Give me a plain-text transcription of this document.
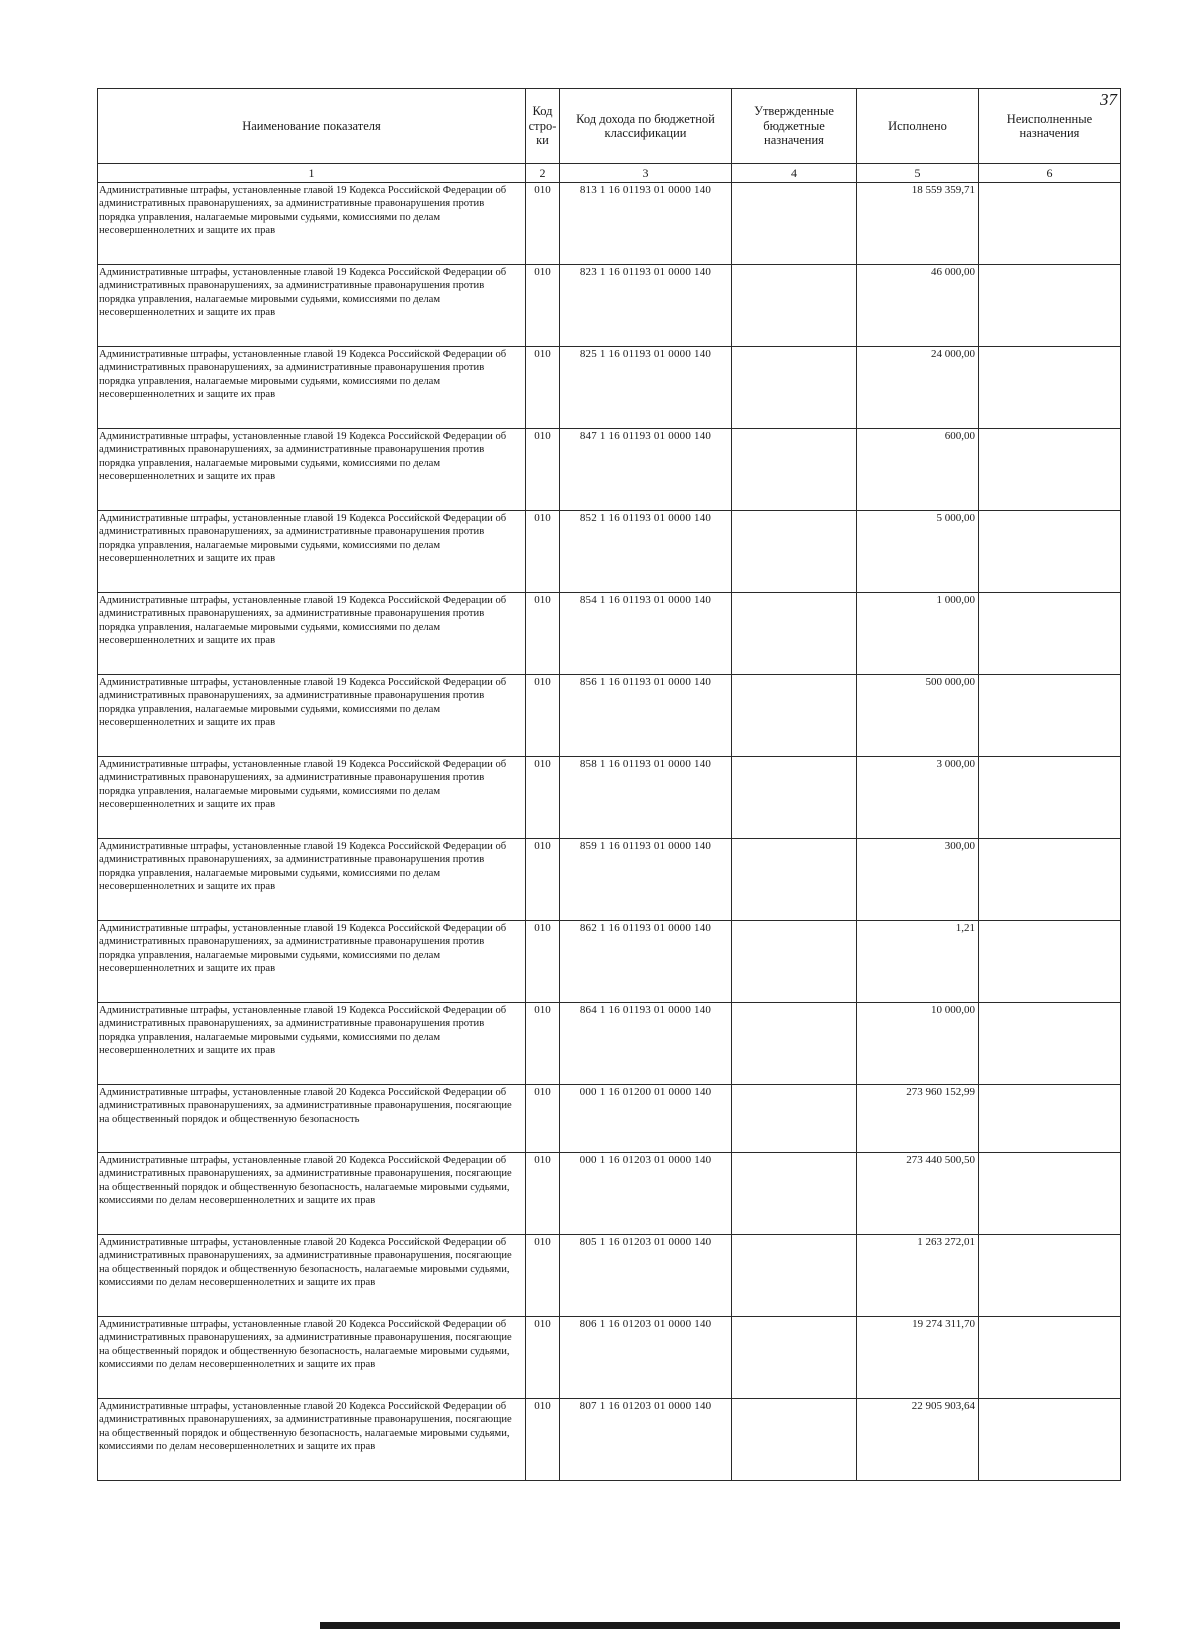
37
Наименование показателя	Код стро-ки	Код дохода по бюджетной классификации	Утвержденные бюджетные назначения	Исполнено	Неисполненные назначения
1	2	3	4	5	6
Административные штрафы, установленные главой 19 Кодекса Российской Федерации об административных правонарушениях, за административные правонарушения против порядка управления, налагаемые мировыми судьями, комиссиями по делам несовершеннолетних и защите их прав	010	813 1 16 01193 01 0000 140		18 559 359,71	
Административные штрафы, установленные главой 19 Кодекса Российской Федерации об административных правонарушениях, за административные правонарушения против порядка управления, налагаемые мировыми судьями, комиссиями по делам несовершеннолетних и защите их прав	010	823 1 16 01193 01 0000 140		46 000,00	
Административные штрафы, установленные главой 19 Кодекса Российской Федерации об административных правонарушениях, за административные правонарушения против порядка управления, налагаемые мировыми судьями, комиссиями по делам несовершеннолетних и защите их прав	010	825 1 16 01193 01 0000 140		24 000,00	
Административные штрафы, установленные главой 19 Кодекса Российской Федерации об административных правонарушениях, за административные правонарушения против порядка управления, налагаемые мировыми судьями, комиссиями по делам несовершеннолетних и защите их прав	010	847 1 16 01193 01 0000 140		600,00	
Административные штрафы, установленные главой 19 Кодекса Российской Федерации об административных правонарушениях, за административные правонарушения против порядка управления, налагаемые мировыми судьями, комиссиями по делам несовершеннолетних и защите их прав	010	852 1 16 01193 01 0000 140		5 000,00	
Административные штрафы, установленные главой 19 Кодекса Российской Федерации об административных правонарушениях, за административные правонарушения против порядка управления, налагаемые мировыми судьями, комиссиями по делам несовершеннолетних и защите их прав	010	854 1 16 01193 01 0000 140		1 000,00	
Административные штрафы, установленные главой 19 Кодекса Российской Федерации об административных правонарушениях, за административные правонарушения против порядка управления, налагаемые мировыми судьями, комиссиями по делам несовершеннолетних и защите их прав	010	856 1 16 01193 01 0000 140		500 000,00	
Административные штрафы, установленные главой 19 Кодекса Российской Федерации об административных правонарушениях, за административные правонарушения против порядка управления, налагаемые мировыми судьями, комиссиями по делам несовершеннолетних и защите их прав	010	858 1 16 01193 01 0000 140		3 000,00	
Административные штрафы, установленные главой 19 Кодекса Российской Федерации об административных правонарушениях, за административные правонарушения против порядка управления, налагаемые мировыми судьями, комиссиями по делам несовершеннолетних и защите их прав	010	859 1 16 01193 01 0000 140		300,00	
Административные штрафы, установленные главой 19 Кодекса Российской Федерации об административных правонарушениях, за административные правонарушения против порядка управления, налагаемые мировыми судьями, комиссиями по делам несовершеннолетних и защите их прав	010	862 1 16 01193 01 0000 140		1,21	
Административные штрафы, установленные главой 19 Кодекса Российской Федерации об административных правонарушениях, за административные правонарушения против порядка управления, налагаемые мировыми судьями, комиссиями по делам несовершеннолетних и защите их прав	010	864 1 16 01193 01 0000 140		10 000,00	
Административные штрафы, установленные главой 20 Кодекса Российской Федерации об административных правонарушениях, за административные правонарушения, посягающие на общественный порядок и общественную безопасность	010	000 1 16 01200 01 0000 140		273 960 152,99	
Административные штрафы, установленные главой 20 Кодекса Российской Федерации об административных правонарушениях, за административные правонарушения, посягающие на общественный порядок и общественную безопасность, налагаемые мировыми судьями, комиссиями по делам несовершеннолетних и защите их прав	010	000 1 16 01203 01 0000 140		273 440 500,50	
Административные штрафы, установленные главой 20 Кодекса Российской Федерации об административных правонарушениях, за административные правонарушения, посягающие на общественный порядок и общественную безопасность, налагаемые мировыми судьями, комиссиями по делам несовершеннолетних и защите их прав	010	805 1 16 01203 01 0000 140		1 263 272,01	
Административные штрафы, установленные главой 20 Кодекса Российской Федерации об административных правонарушениях, за административные правонарушения, посягающие на общественный порядок и общественную безопасность, налагаемые мировыми судьями, комиссиями по делам несовершеннолетних и защите их прав	010	806 1 16 01203 01 0000 140		19 274 311,70	
Административные штрафы, установленные главой 20 Кодекса Российской Федерации об административных правонарушениях, за административные правонарушения, посягающие на общественный порядок и общественную безопасность, налагаемые мировыми судьями, комиссиями по делам несовершеннолетних и защите их прав	010	807 1 16 01203 01 0000 140		22 905 903,64	
